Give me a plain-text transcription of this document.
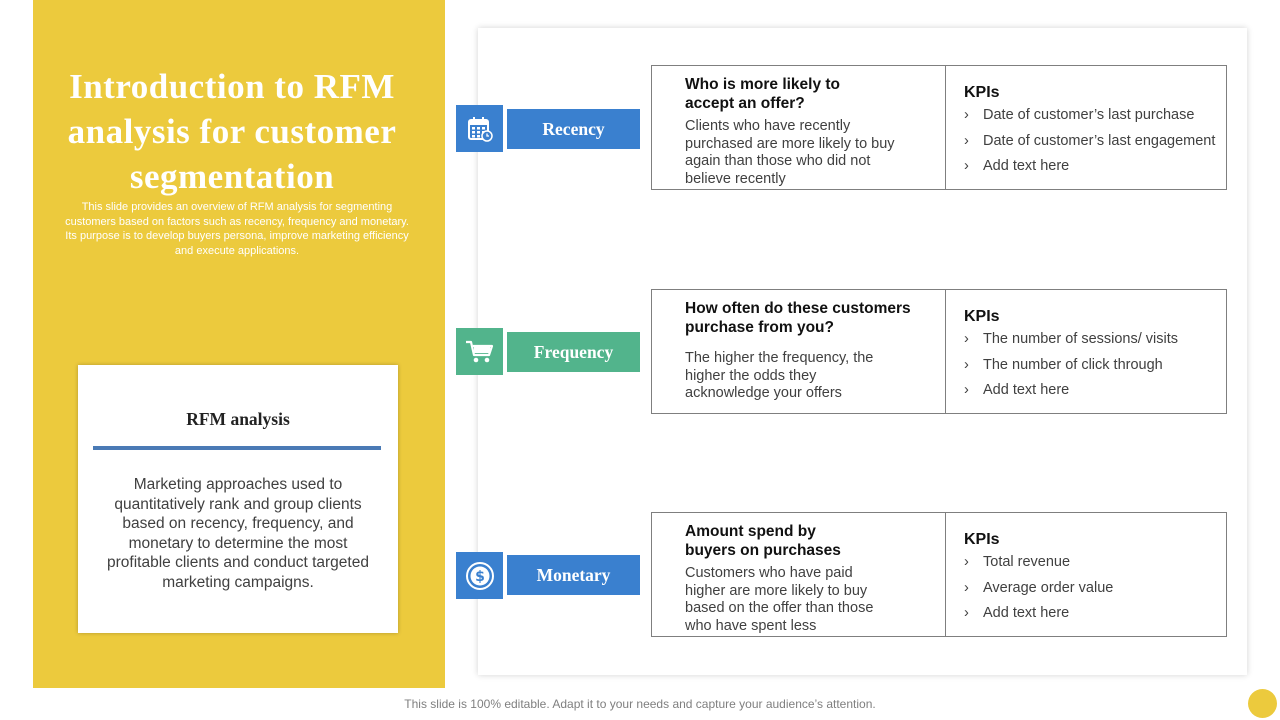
Introduction to RFM analysis for customer segmentation
This slide provides an overview of RFM analysis for segmenting customers based on factors such as recency, frequency and monetary. Its purpose is to develop buyers persona, improve marketing efficiency and execute applications.
RFM analysis
Marketing approaches used to quantitatively rank and group clients based on recency, frequency, and monetary to determine the most profitable clients and conduct targeted marketing campaigns.
Recency
Who is more likely to accept an offer?
Clients who have recently purchased are more likely to buy again than those who did not believe recently
KPIs
› Date of customer’s last purchase
› Date of customer’s last engagement
› Add text here
Frequency
How often do these customers purchase from you?
The higher the frequency, the higher the odds they acknowledge your offers
KPIs
› The number of sessions/ visits
› The number of click through
› Add text here
$	Monetary
Amount spend by buyers on purchases
Customers who have paid higher are more likely to buy based on the offer than those who have spent less
KPIs
› Total revenue
› Average order value
› Add text here
This slide is 100% editable. Adapt it to your needs and capture your audience’s attention.
